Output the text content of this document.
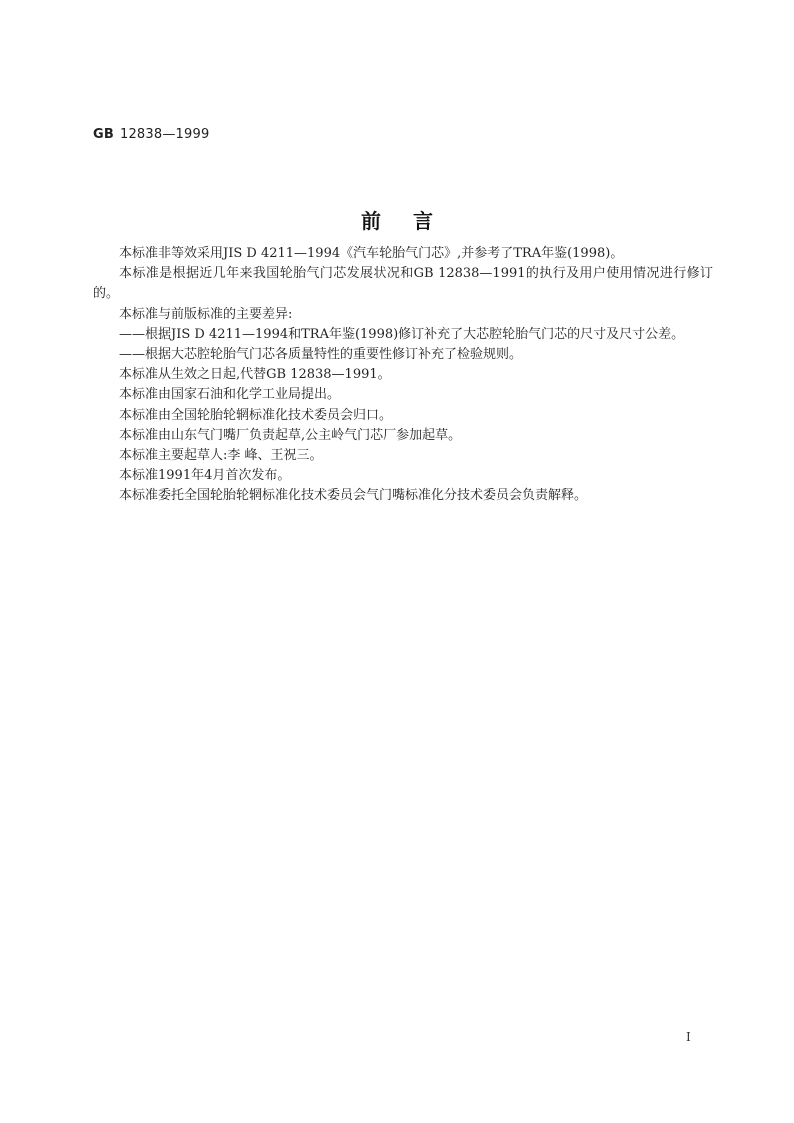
GB 12838—1999
前言

本标准非等效采用JIS D 4211—1994《汽车轮胎气门芯》,并参考了TRA年鉴(1998)。

本标准是根据近几年来我国轮胎气门芯发展状况和GB 12838—1991的执行及用户使用情况进行修订的。

本标准与前版标准的主要差异:

——根据JIS D 4211—1994和TRA年鉴(1998)修订补充了大芯腔轮胎气门芯的尺寸及尺寸公差。

——根据大芯腔轮胎气门芯各质量特性的重要性修订补充了检验规则。

本标准从生效之日起,代替GB 12838—1991。

本标准由国家石油和化学工业局提出。

本标准由全国轮胎轮辋标准化技术委员会归口。

本标准由山东气门嘴厂负责起草,公主岭气门芯厂参加起草。

本标准主要起草人:李 峰、王祝三。

本标准1991年4月首次发布。

本标准委托全国轮胎轮辋标准化技术委员会气门嘴标准化分技术委员会负责解释。

I
